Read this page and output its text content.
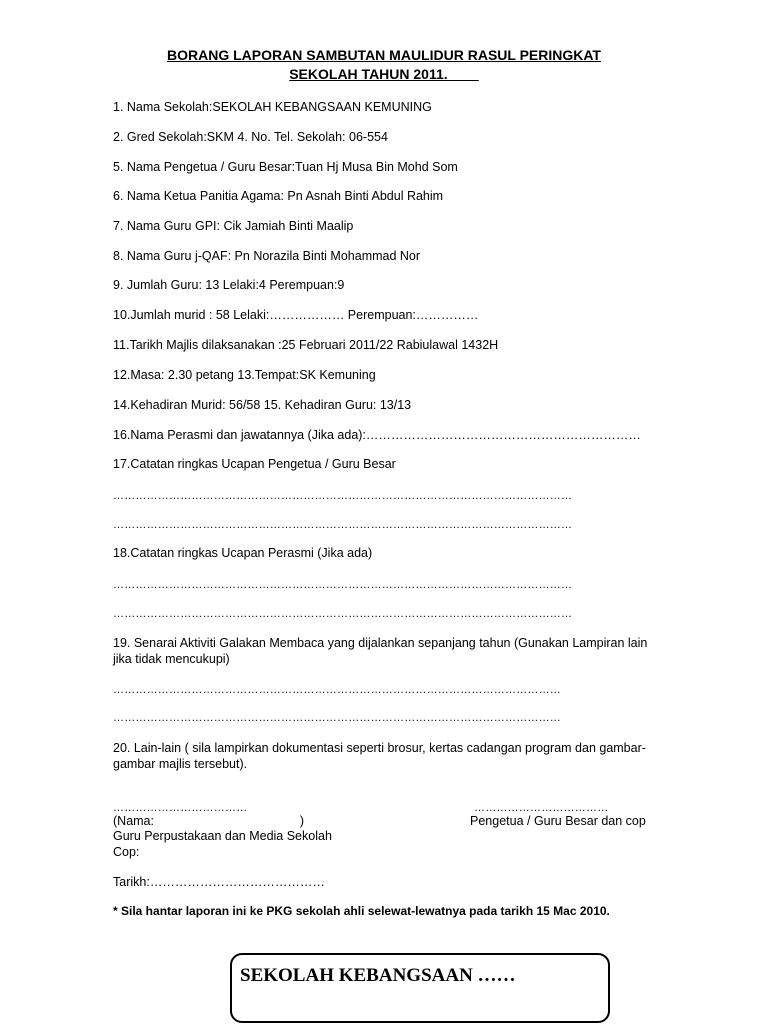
BORANG LAPORAN SAMBUTAN MAULIDUR RASUL PERINGKAT
SEKOLAH TAHUN 2011.
1. Nama Sekolah:SEKOLAH KEBANGSAAN KEMUNING
2. Gred Sekolah:SKM 4. No. Tel. Sekolah: 06-554
5. Nama Pengetua / Guru Besar:Tuan Hj Musa Bin Mohd Som
6. Nama Ketua Panitia Agama: Pn Asnah Binti Abdul Rahim
7. Nama Guru GPI: Cik Jamiah Binti Maalip
8. Nama Guru j-QAF: Pn Norazila Binti Mohammad Nor
9. Jumlah Guru: 13 Lelaki:4 Perempuan:9
10.Jumlah murid : 58 Lelaki:……………… Perempuan:……………
11.Tarikh Majlis dilaksanakan :25 Februari 2011/22 Rabiulawal 1432H
12.Masa: 2.30 petang 13.Tempat:SK Kemuning
14.Kehadiran Murid: 56/58 15. Kehadiran Guru: 13/13
16.Nama Perasmi dan jawatannya (Jika ada):…………………………………………………………
17.Catatan ringkas Ucapan Pengetua / Guru Besar
……………………………………………………………………………………………………………
……………………………………………………………………………………………………………
18.Catatan ringkas Ucapan Perasmi (Jika ada)
……………………………………………………………………………………………………………
……………………………………………………………………………………………………………
19. Senarai Aktiviti Galakan Membaca yang dijalankan sepanjang tahun (Gunakan Lampiran lain jika tidak mencukupi)
…………………………………………………………………………………………………………
…………………………………………………………………………………………………………
20. Lain-lain ( sila lampirkan dokumentasi seperti brosur, kertas cadangan program dan gambar-gambar majlis tersebut).
………………………………	………………………………
(Nama:                                          )	Pengetua / Guru Besar dan cop
Guru Perpustakaan dan Media Sekolah
Cop:
Tarikh:……………………………………
* Sila hantar laporan ini ke PKG sekolah ahli selewat-lewatnya pada tarikh 15 Mac 2010.
SEKOLAH KEBANGSAAN ……
